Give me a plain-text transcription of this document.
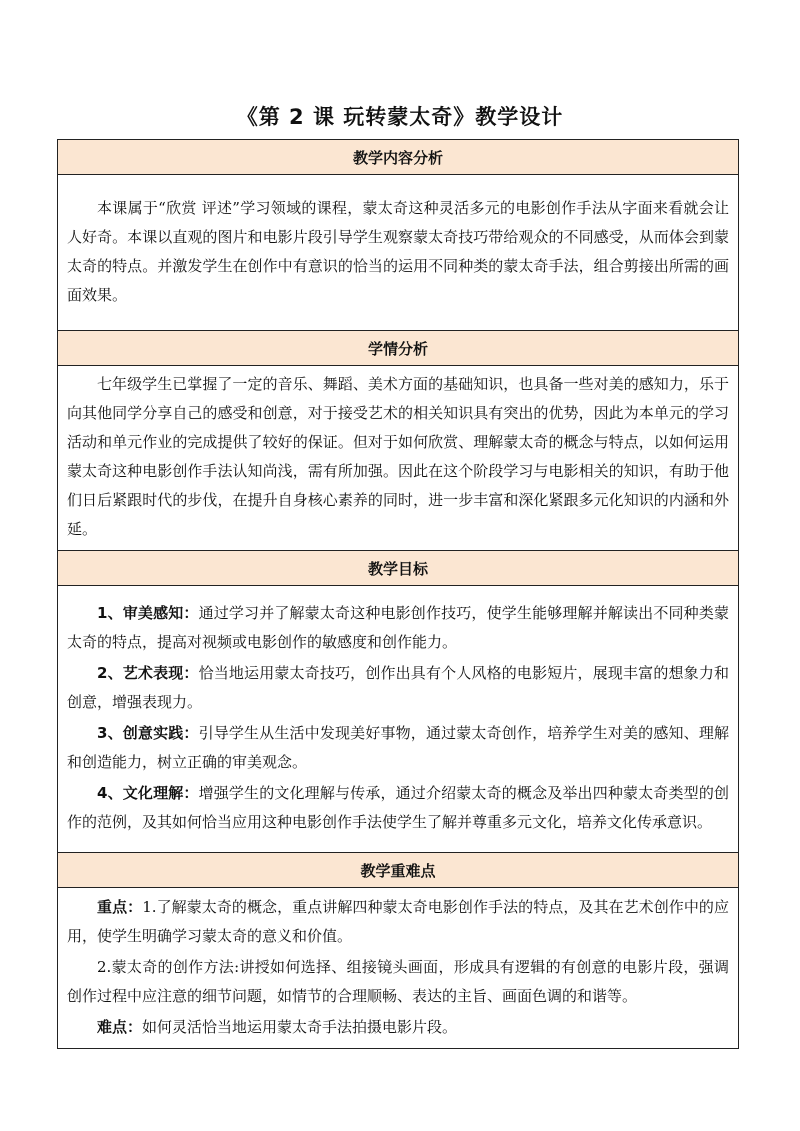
《第 2 课 玩转蒙太奇》教学设计
教学内容分析

本课属于“欣赏 评述”学习领域的课程，蒙太奇这种灵活多元的电影创作手法从字面来看就会让人好奇。本课以直观的图片和电影片段引导学生观察蒙太奇技巧带给观众的不同感受，从而体会到蒙太奇的特点。并激发学生在创作中有意识的恰当的运用不同种类的蒙太奇手法，组合剪接出所需的画面效果。

学情分析

七年级学生已掌握了一定的音乐、舞蹈、美术方面的基础知识，也具备一些对美的感知力，乐于向其他同学分享自己的感受和创意，对于接受艺术的相关知识具有突出的优势，因此为本单元的学习活动和单元作业的完成提供了较好的保证。但对于如何欣赏、理解蒙太奇的概念与特点，以如何运用蒙太奇这种电影创作手法认知尚浅，需有所加强。因此在这个阶段学习与电影相关的知识，有助于他们日后紧跟时代的步伐，在提升自身核心素养的同时，进一步丰富和深化紧跟多元化知识的内涵和外延。

教学目标

1、审美感知：通过学习并了解蒙太奇这种电影创作技巧，使学生能够理解并解读出不同种类蒙太奇的特点，提高对视频或电影创作的敏感度和创作能力。

2、艺术表现：恰当地运用蒙太奇技巧，创作出具有个人风格的电影短片，展现丰富的想象力和创意，增强表现力。

3、创意实践：引导学生从生活中发现美好事物，通过蒙太奇创作，培养学生对美的感知、理解和创造能力，树立正确的审美观念。

4、文化理解：增强学生的文化理解与传承，通过介绍蒙太奇的概念及举出四种蒙太奇类型的创作的范例，及其如何恰当应用这种电影创作手法使学生了解并尊重多元文化，培养文化传承意识。

教学重难点

重点：1.了解蒙太奇的概念，重点讲解四种蒙太奇电影创作手法的特点，及其在艺术创作中的应用，使学生明确学习蒙太奇的意义和价值。

2.蒙太奇的创作方法:讲授如何选择、组接镜头画面，形成具有逻辑的有创意的电影片段，强调创作过程中应注意的细节问题，如情节的合理顺畅、表达的主旨、画面色调的和谐等。

难点：如何灵活恰当地运用蒙太奇手法拍摄电影片段。
